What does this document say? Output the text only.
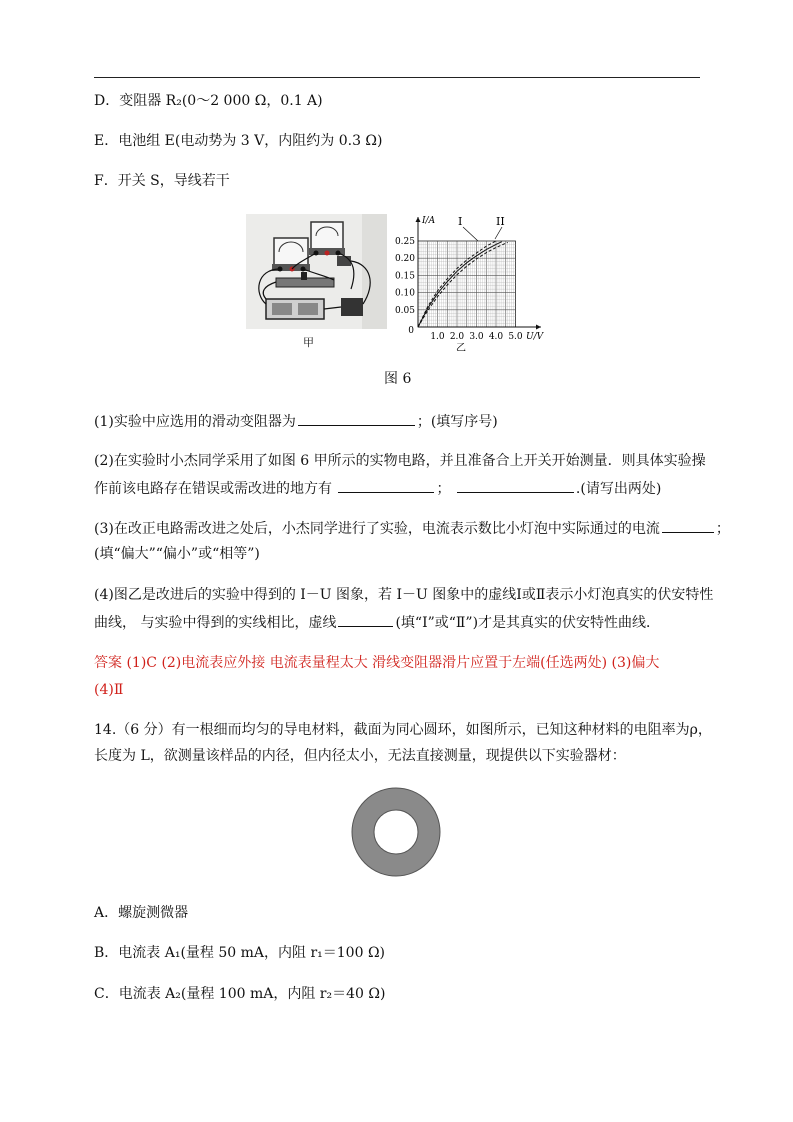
D．变阻器 R₂(0～2 000 Ω，0.1 A)
E．电池组 E(电动势为 3 V，内阻约为 0.3 Ω)
F．开关 S，导线若干
甲
I	II
1.0 2.0 3.0 4.0 5.0
0.05
0.10
0.15
0.20
0.25
0
I/A
U/V
乙
图 6
(1)实验中应选用的滑动变阻器为	；(填写序号)
(2)在实验时小杰同学采用了如图 6 甲所示的实物电路，并且准备合上开关开始测量．则具体实验操
作前该电路存在错误或需改进的地方有	；	.(请写出两处)
(3)在改正电路需改进之处后，小杰同学进行了实验，电流表示数比小灯泡中实际通过的电流	；
(填“偏大”“偏小”或“相等”)
(4)图乙是改进后的实验中得到的 I－U 图象，若 I－U 图象中的虚线Ⅰ或Ⅱ表示小灯泡真实的伏安特性
曲线， 与实验中得到的实线相比，虚线	(填“Ⅰ”或“Ⅱ”)才是其真实的伏安特性曲线．
答案 (1)C (2)电流表应外接 电流表量程太大 滑线变阻器滑片应置于左端(任选两处) (3)偏大
(4)Ⅱ
14.（6 分）有一根细而均匀的导电材料，截面为同心圆环，如图所示，已知这种材料的电阻率为ρ，
长度为 L，欲测量该样品的内径，但内径太小，无法直接测量，现提供以下实验器材：
A．螺旋测微器
B．电流表 A₁(量程 50 mA，内阻 r₁＝100 Ω)
C．电流表 A₂(量程 100 mA，内阻 r₂＝40 Ω)
